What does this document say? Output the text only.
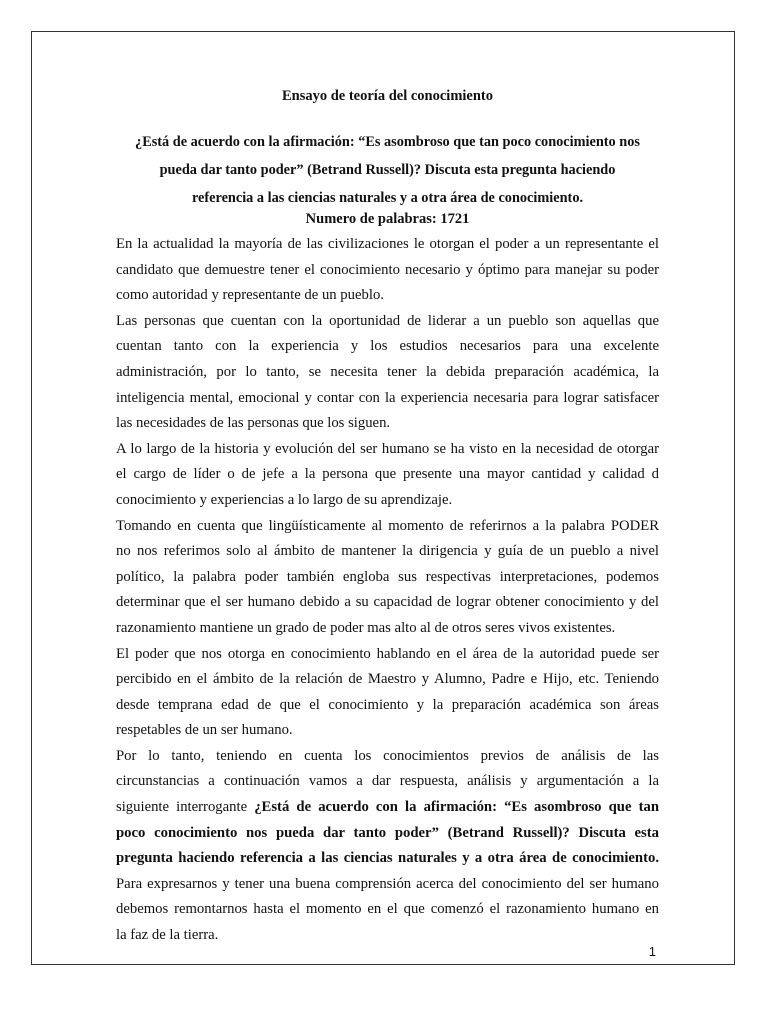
Ensayo de teoría del conocimiento
¿Está de acuerdo con la afirmación: “Es asombroso que tan poco conocimiento nos
pueda dar tanto poder” (Betrand Russell)? Discuta esta pregunta haciendo
referencia a las ciencias naturales y a otra área de conocimiento.
Numero de palabras: 1721

En la actualidad la mayoría de las civilizaciones le otorgan el poder a un representante el
candidato que demuestre tener el conocimiento necesario y óptimo para manejar su poder
como autoridad y representante de un pueblo.

Las personas que cuentan con la oportunidad de liderar a un pueblo son aquellas que
cuentan tanto con la experiencia y los estudios necesarios para una excelente
administración, por lo tanto, se necesita tener la debida preparación académica, la
inteligencia mental, emocional y contar con la experiencia necesaria para lograr satisfacer
las necesidades de las personas que los siguen.

A lo largo de la historia y evolución del ser humano se ha visto en la necesidad de otorgar
el cargo de líder o de jefe a la persona que presente una mayor cantidad y calidad d
conocimiento y experiencias a lo largo de su aprendizaje.

Tomando en cuenta que lingüísticamente al momento de referirnos a la palabra PODER
no nos referimos solo al ámbito de mantener la dirigencia y guía de un pueblo a nivel
político, la palabra poder también engloba sus respectivas interpretaciones, podemos
determinar que el ser humano debido a su capacidad de lograr obtener conocimiento y del
razonamiento mantiene un grado de poder mas alto al de otros seres vivos existentes.

El poder que nos otorga en conocimiento hablando en el área de la autoridad puede ser
percibido en el ámbito de la relación de Maestro y Alumno, Padre e Hijo, etc. Teniendo
desde temprana edad de que el conocimiento y la preparación académica son áreas
respetables de un ser humano.

Por lo tanto, teniendo en cuenta los conocimientos previos de análisis de las
circunstancias a continuación vamos a dar respuesta, análisis y argumentación a la
siguiente interrogante ¿Está de acuerdo con la afirmación: “Es asombroso que tan
poco conocimiento nos pueda dar tanto poder” (Betrand Russell)? Discuta esta
pregunta haciendo referencia a las ciencias naturales y a otra área de conocimiento.

Para expresarnos y tener una buena comprensión acerca del conocimiento del ser humano
debemos remontarnos hasta el momento en el que comenzó el razonamiento humano en
la faz de la tierra.

1
